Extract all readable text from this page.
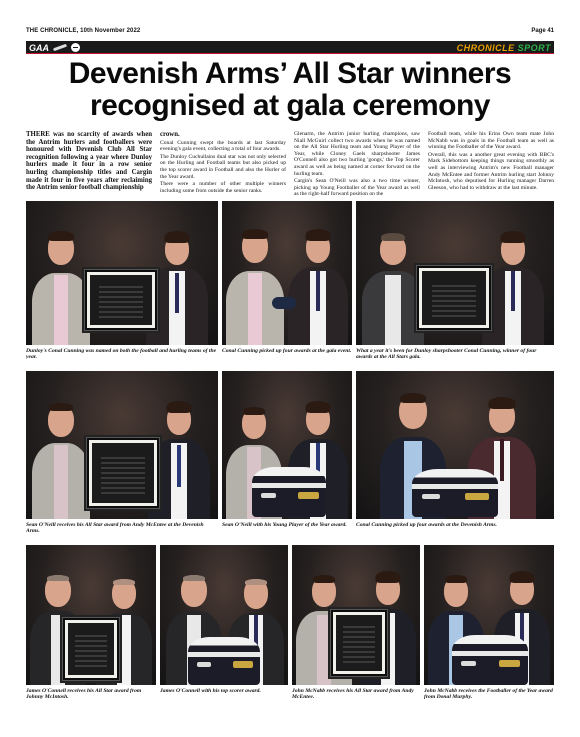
THE CHRONICLE, 10th November 2022	Page 41
GAA	CHRONICLE SPORT
Devenish Arms’ All Star winners
recognised at gala ceremony

THERE was no scarcity of awards when the Antrim hurlers and footballers were honoured with Devenish Club All Star recognition following a year where Dunloy hurlers made it four in a row senior hurling championship titles and Cargin made it four in five years after reclaiming the Antrim senior football championship

crown.

Conal Cunning swept the boards at last Saturday evening's gala event, collecting a total of four awards.

The Dunloy Cuchullains dual star was not only selected on the Hurling and Football teams but also picked up the top scorer award in Football and also the Hurler of the Year award.

There were a number of other multiple winners including some from outside the senior ranks.

Glenarm, the Antrim junior hurling champions, saw Niall McGuirl collect two awards when he was named on the All Star Hurling team and Young Player of the Year, while Cloney Gaels sharpshooter James O'Connell also got two hurling 'gongs,' the Top Scorer award as well as being named at corner forward on the hurling team.

Cargin's Sean O'Neill was also a two time winner, picking up Young Footballer of the Year award as well as the right-half forward position on the

Football team, while his Erins Own team mate John McNabb was in goals in the Football team as well as winning the Footballer of the Year award.

Overall, this was a another great evening with BBC's Mark Sidebottom keeping things running smoothly as well as interviewing Antrim's new Football manager Andy McEntee and former Antrim hurling start Johnny McIntosh, who deputised for Hurling manager Darren Gleeson, who had to withdraw at the last minute.

Dunloy's Conal Cunning was named on both the football and hurling teams of the year.
Conal Cunning picked up four awards at the gala event. What a year it's been for Dunloy sharpshooter Conal Cunning, winner of four awards at the All Stars gala.
Sean O'Neill receives his All Star award from Andy McEntee at the Devenish Arms.
Sean O'Neill with his Young Player of the Year award.	Conal Cunning picked up four awards at the Devenish Arms.
James O'Connell receives his All Star award from Johnny McIntosh.
James O'Connell with his top scorer award.	John McNabb receives his All Star award from Andy McEntee.
John McNabb receives the Footballer of the Year award from Donal Murphy.
